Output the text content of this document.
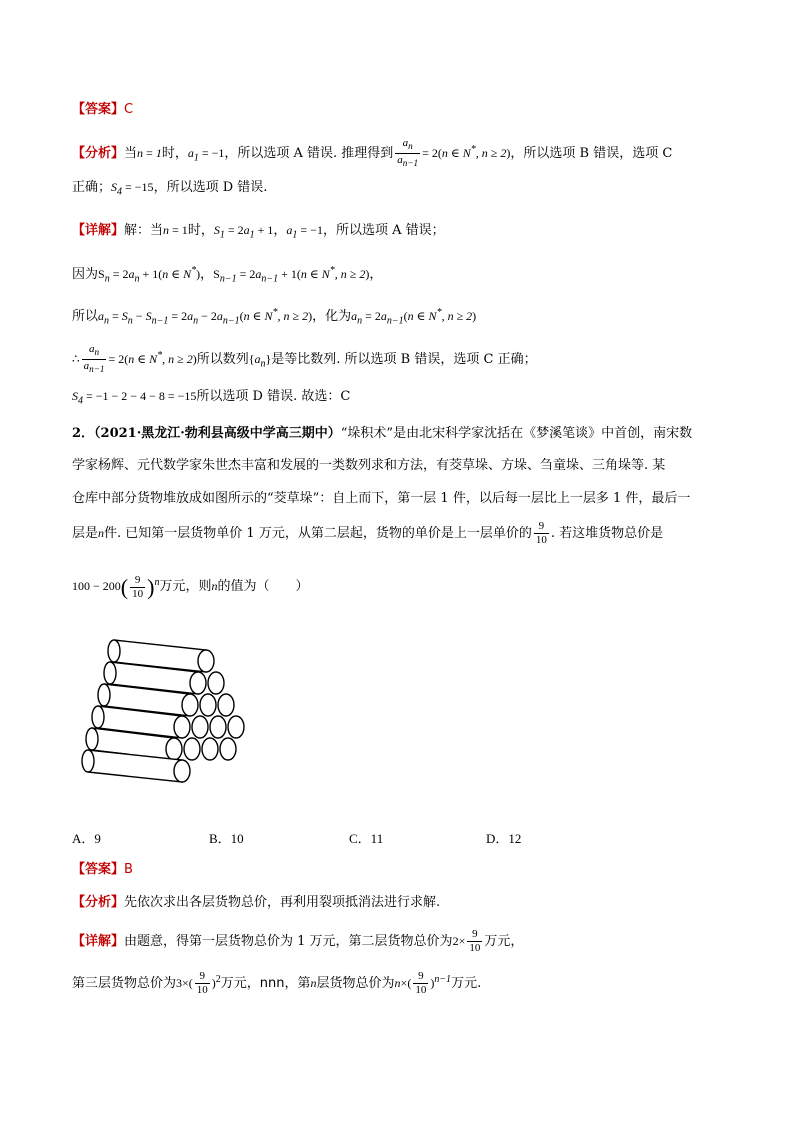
【答案】C
【分析】当n = 1时，$a_1 = -1$，所以选项 A 错误. 推理得到 $\frac{a_n}{a_{n-1}} = 2(n$ ∈ N*, n ≥ 2)，所以选项 B 错误，选项 C
正确；$S_4 = -15$，所以选项 D 错误.
【详解】解：当n = 1时，$S_1 = 2a_1 + 1$，$a_1 = -1$，所以选项 A 错误；
因为$S_n = 2a_n + 1(n$ ∈ N*)，$S_{n-1} = 2a_{n-1} + 1(n$ ∈ N*, n ≥ 2)，
所以$a_n = S_n - S_{n-1} = 2a_n - 2a_{n-1}(n$ ∈ N*, n ≥ 2)，化为$a_n = 2a_{n-1}(n$ ∈ N*, n ≥ 2)
∴ $\frac{a_n}{a_{n-1}} = 2(n$ ∈ N*, n ≥ 2)所以数列$\{a_n\}$是等比数列. 所以选项 B 错误，选项 C 正确；
$S_4 = -1 - 2 - 4 - 8 = -15$所以选项 D 错误. 故选：C
2．（2021·黑龙江·勃利县高级中学高三期中）“垛积术”是由北宋科学家沈括在《梦溪笔谈》中首创，南宋数
学家杨辉、元代数学家朱世杰丰富和发展的一类数列求和方法，有茭草垛、方垛、刍童垛、三角垛等. 某
仓库中部分货物堆放成如图所示的“茭草垛”：自上而下，第一层 1 件，以后每一层比上一层多 1 件，最后一
层是n件. 已知第一层货物单价 1 万元，从第二层起，货物的单价是上一层单价的 $\frac{9}{10}$ . 若这堆货物总价是
$100 - 200( \frac{9}{10} )^n$万元，则n的值为（　　）
A．9	B．10	C．11	D．12
【答案】B
【分析】先依次求出各层货物总价，再利用裂项抵消法进行求解.
【详解】由题意，得第一层货物总价为 1 万元，第二层货物总价为$2\times \frac{9}{10}$ 万元，
第三层货物总价为$3\times( \frac{9}{10} )^2$万元，nnn，第n层货物总价为$n\times( \frac{9}{10} )^{n-1}$万元.
